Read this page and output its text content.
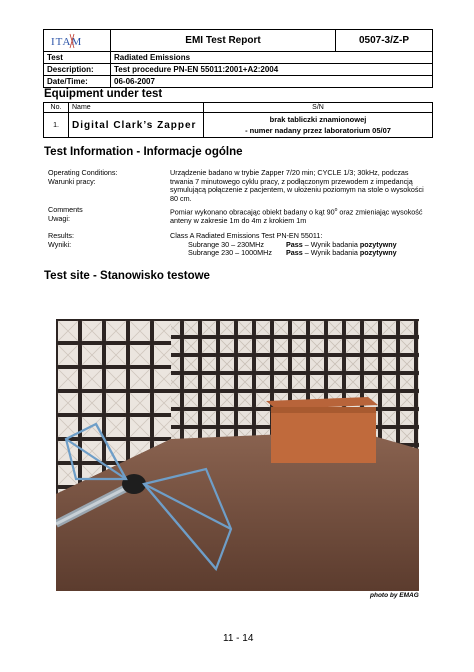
ITAM	EMI Test Report	0507-3/Z-P
Test	Radiated Emissions	
Description:	Test procedure PN-EN 55011:2001+A2:2004	
Date/Time:	06-06-2007	
Equipment under test
No.	Name	S/N
1.	Digital Clark’s Zapper	brak tabliczki znamionowej
- numer nadany przez laboratorium 05/07
Test Information - Informacje ogólne
Operating Conditions:
Warunki pracy:
Urządzenie badano w trybie Zapper 7/20 min; CYCLE 1/3; 30kHz, podczas trwania 7 minutowego cyklu pracy, z podłączonym przewodem z impedancją symulującą połączenie z pacjentem, w ułożeniu poziomym na stole o wysokości 80 cm.
Comments
Uwagi:
Pomiar wykonano obracając obiekt badany o kąt 90$^o$ oraz zmieniając wysokość anteny w zakresie 1m do 4m z krokiem 1m
Results:
Wyniki:
Class A Radiated Emissions Test PN-EN 55011:
Subrange 30 – 230MHz	Pass – Wynik badania pozytywny
Subrange 230 – 1000MHz Pass – Wynik badania pozytywny
Test site - Stanowisko testowe
photo by EMAG
11 - 14
